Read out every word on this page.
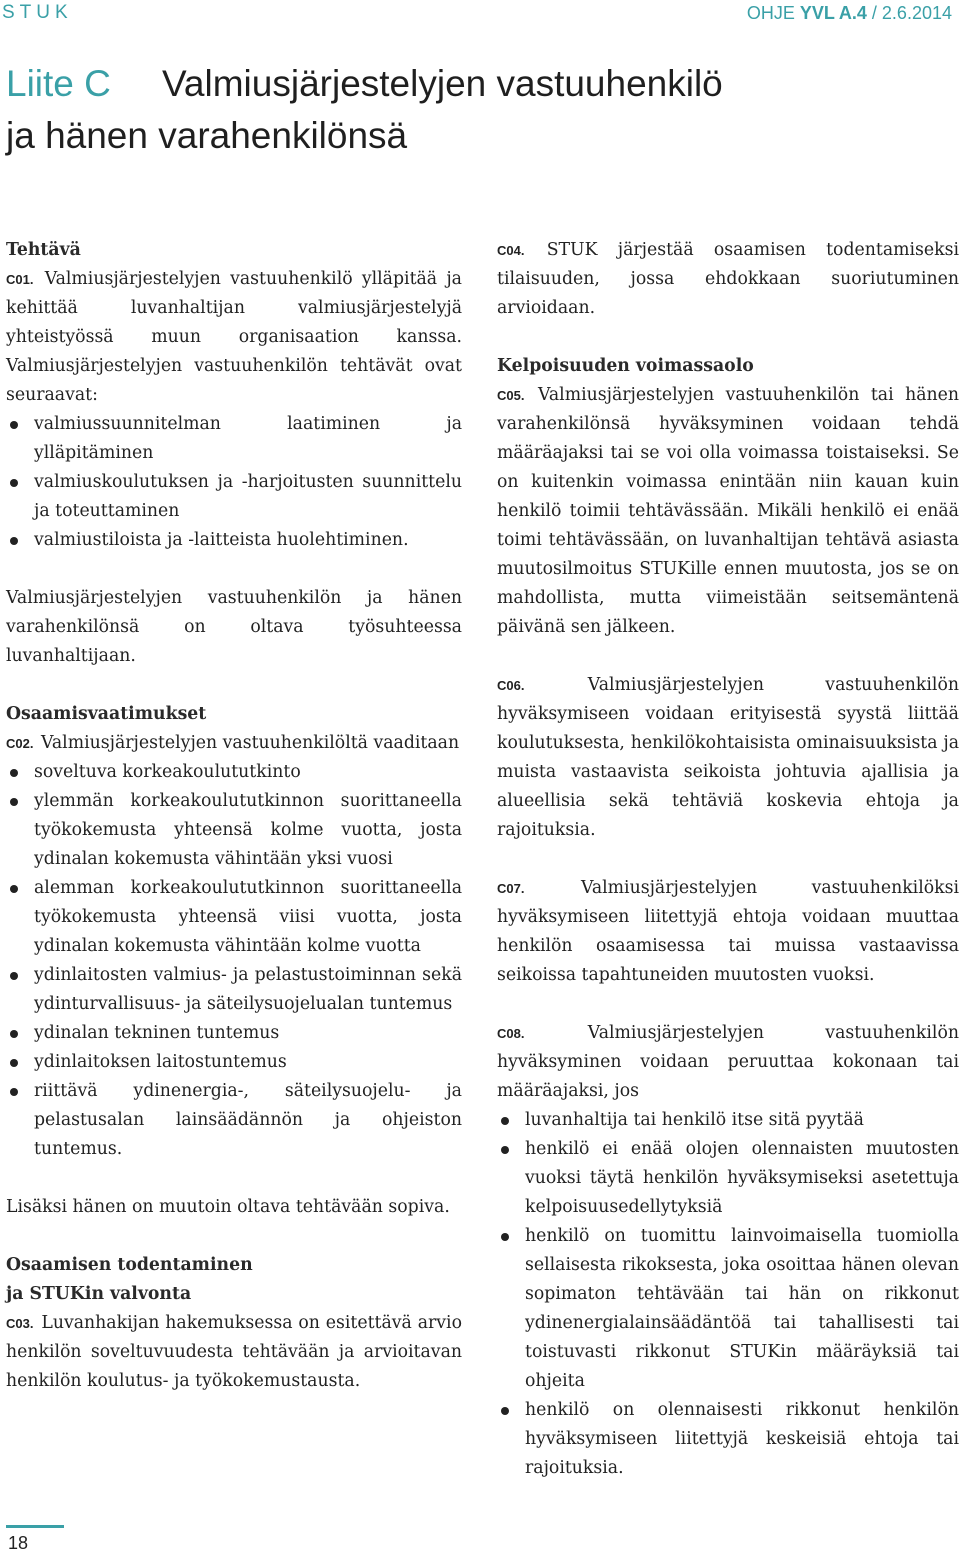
STUK	OHJE YVL A.4 / 2.6.2014
Liite C Valmiusjärjestelyjen vastuuhenkilö
ja hänen varahenkilönsä
Tehtävä

C01. Valmiusjärjestelyjen vastuuhenkilö ylläpitää ja kehittää luvanhaltijan valmiusjärjestelyjä yhteistyössä muun organisaation kanssa. Valmiusjärjestelyjen vastuuhenkilön tehtävät ovat seuraavat:

valmiussuunnitelman laatiminen ja ylläpitäminen
valmiuskoulutuksen ja -harjoitusten suunnittelu ja toteuttaminen
valmiustiloista ja -laitteista huolehtiminen.

Valmiusjärjestelyjen vastuuhenkilön ja hänen varahenkilönsä on oltava työsuhteessa luvanhaltijaan.

Osaamisvaatimukset

C02. Valmiusjärjestelyjen vastuuhenkilöltä vaaditaan

soveltuva korkeakoulututkinto
ylemmän korkeakoulututkinnon suorittaneella työkokemusta yhteensä kolme vuotta, josta ydinalan kokemusta vähintään yksi vuosi
alemman korkeakoulututkinnon suorittaneella työkokemusta yhteensä viisi vuotta, josta ydinalan kokemusta vähintään kolme vuotta
ydinlaitosten valmius- ja pelastustoiminnan sekä ydinturvallisuus- ja säteilysuojelualan tuntemus
ydinalan tekninen tuntemus
ydinlaitoksen laitostuntemus
riittävä ydinenergia-, säteilysuojelu- ja pelastusalan lainsäädännön ja ohjeiston tuntemus.

Lisäksi hänen on muutoin oltava tehtävään sopiva.

Osaamisen todentaminen
ja STUKin valvonta

C03. Luvanhakijan hakemuksessa on esitettävä arvio henkilön soveltuvuudesta tehtävään ja arvioitavan henkilön koulutus- ja työkokemustausta.

C04. STUK järjestää osaamisen todentamiseksi tilaisuuden, jossa ehdokkaan suoriutuminen arvioidaan.

Kelpoisuuden voimassaolo

C05. Valmiusjärjestelyjen vastuuhenkilön tai hänen varahenkilönsä hyväksyminen voidaan tehdä määräajaksi tai se voi olla voimassa toistaiseksi. Se on kuitenkin voimassa enintään niin kauan kuin henkilö toimii tehtävässään. Mikäli henkilö ei enää toimi tehtävässään, on luvanhaltijan tehtävä asiasta muutosilmoitus STUKille ennen muutosta, jos se on mahdollista, mutta viimeistään seitsemäntenä päivänä sen jälkeen.

C06.	Valmiusjärjestelyjen vastuuhenkilön hyväksymiseen voidaan erityisestä syystä liittää koulutuksesta, henkilökohtaisista ominaisuuksista ja muista vastaavista seikoista johtuvia ajallisia ja alueellisia sekä tehtäviä koskevia ehtoja ja rajoituksia.

C07.	Valmiusjärjestelyjen vastuuhenkilöksi hyväksymiseen liitettyjä ehtoja voidaan muuttaa henkilön osaamisessa tai muissa vastaavissa seikoissa tapahtuneiden muutosten vuoksi.

C08.	Valmiusjärjestelyjen vastuuhenkilön hyväksyminen voidaan peruuttaa kokonaan tai määräajaksi, jos

luvanhaltija tai henkilö itse sitä pyytää
henkilö ei enää olojen olennaisten muutosten vuoksi täytä henkilön hyväksymiseksi asetettuja kelpoisuusedellytyksiä
henkilö on tuomittu lainvoimaisella tuomiolla sellaisesta rikoksesta, joka osoittaa hänen olevan sopimaton tehtävään tai hän on rikkonut ydinenergialainsäädäntöä tai tahallisesti tai toistuvasti rikkonut STUKin määräyksiä tai ohjeita
henkilö on olennaisesti rikkonut henkilön hyväksymiseen liitettyjä keskeisiä ehtoja tai rajoituksia.
18
